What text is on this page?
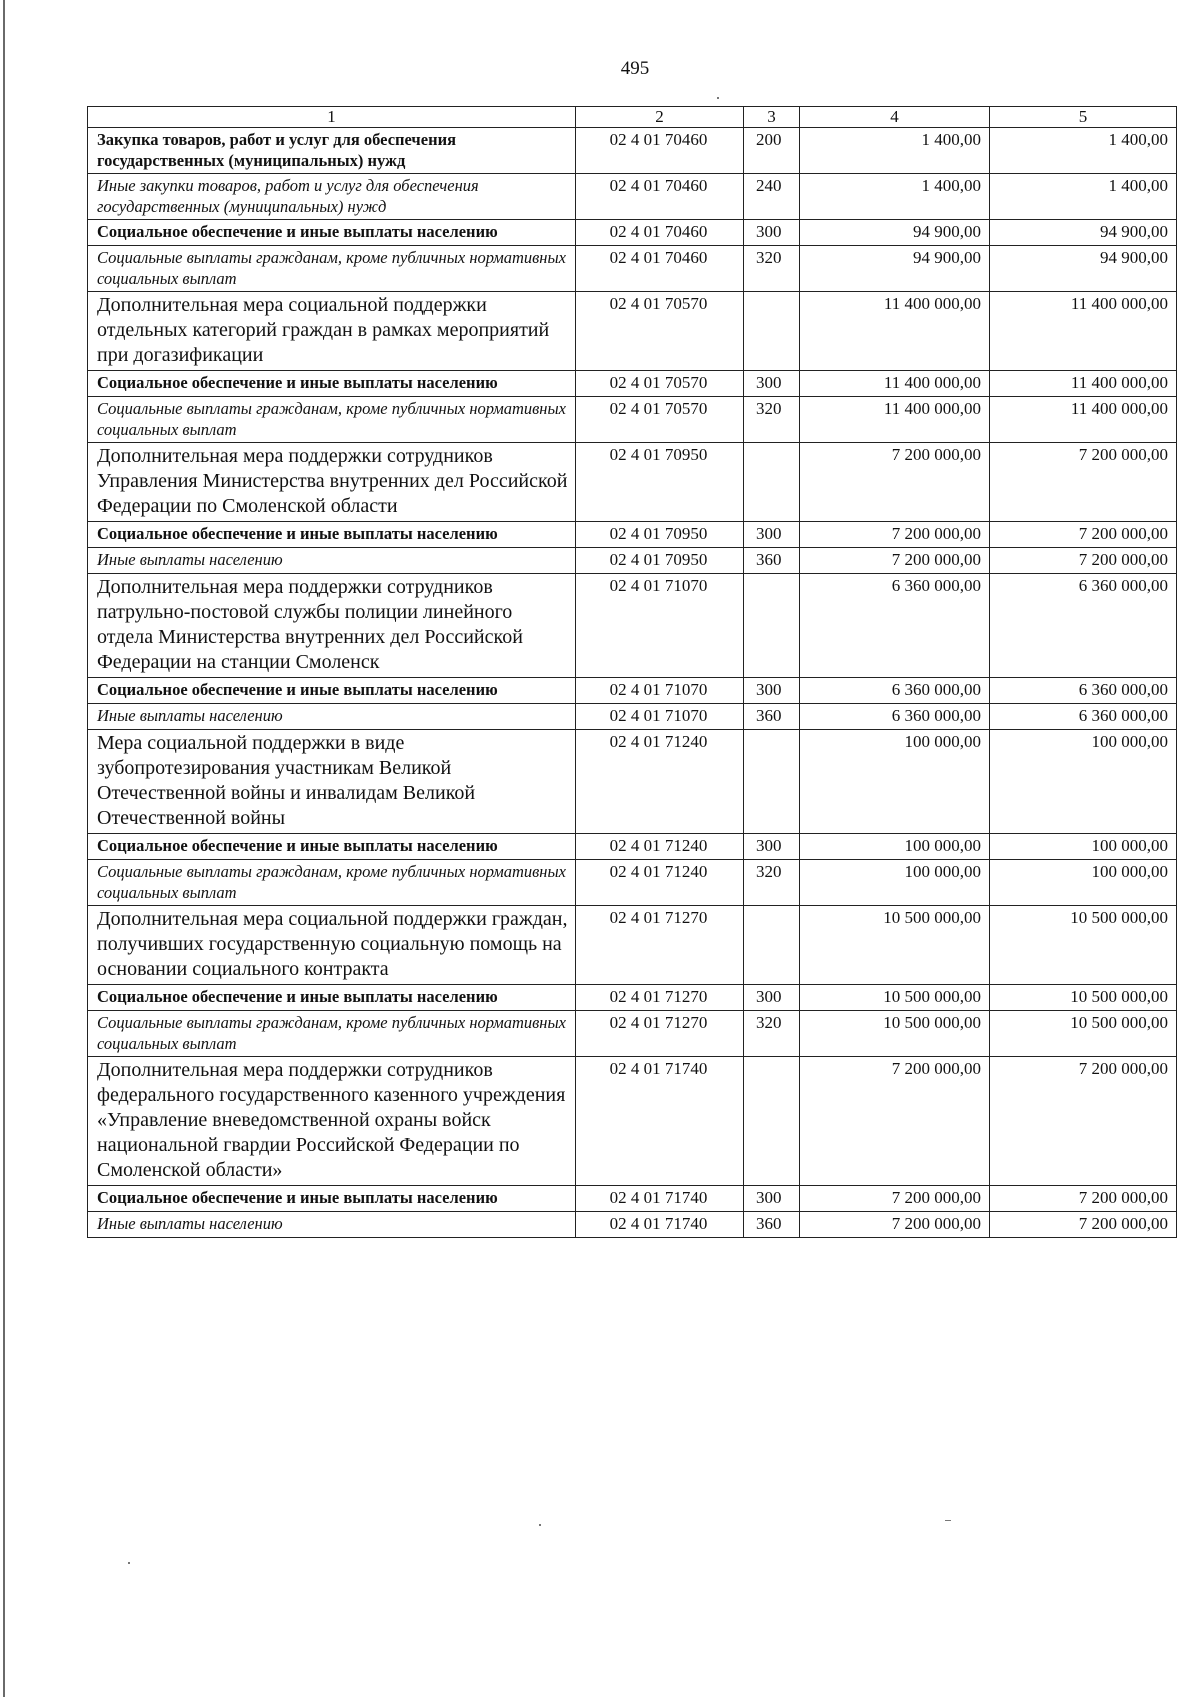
495
1	2	3	4	5
Закупка товаров, работ и услуг для обеспечения государственных (муниципальных) нужд	02 4 01 70460	200	1 400,00	1 400,00
Иные закупки товаров, работ и услуг для обеспечения государственных (муниципальных) нужд	02 4 01 70460	240	1 400,00	1 400,00
Социальное обеспечение и иные выплаты населению	02 4 01 70460	300	94 900,00	94 900,00
Социальные выплаты гражданам, кроме публичных нормативных социальных выплат	02 4 01 70460	320	94 900,00	94 900,00
Дополнительная мера социальной поддержки отдельных категорий граждан в рамках мероприятий при догазификации	02 4 01 70570		11 400 000,00	11 400 000,00
Социальное обеспечение и иные выплаты населению	02 4 01 70570	300	11 400 000,00	11 400 000,00
Социальные выплаты гражданам, кроме публичных нормативных социальных выплат	02 4 01 70570	320	11 400 000,00	11 400 000,00
Дополнительная мера поддержки сотрудников Управления Министерства внутренних дел Российской Федерации по Смоленской области	02 4 01 70950		7 200 000,00	7 200 000,00
Социальное обеспечение и иные выплаты населению	02 4 01 70950	300	7 200 000,00	7 200 000,00
Иные выплаты населению	02 4 01 70950	360	7 200 000,00	7 200 000,00
Дополнительная мера поддержки сотрудников патрульно-постовой службы полиции линейного отдела Министерства внутренних дел Российской Федерации на станции Смоленск	02 4 01 71070		6 360 000,00	6 360 000,00
Социальное обеспечение и иные выплаты населению	02 4 01 71070	300	6 360 000,00	6 360 000,00
Иные выплаты населению	02 4 01 71070	360	6 360 000,00	6 360 000,00
Мера социальной поддержки в виде зубопротезирования участникам Великой Отечественной войны и инвалидам Великой Отечественной войны	02 4 01 71240		100 000,00	100 000,00
Социальное обеспечение и иные выплаты населению	02 4 01 71240	300	100 000,00	100 000,00
Социальные выплаты гражданам, кроме публичных нормативных социальных выплат	02 4 01 71240	320	100 000,00	100 000,00
Дополнительная мера социальной поддержки граждан, получивших государственную социальную помощь на основании социального контракта	02 4 01 71270		10 500 000,00	10 500 000,00
Социальное обеспечение и иные выплаты населению	02 4 01 71270	300	10 500 000,00	10 500 000,00
Социальные выплаты гражданам, кроме публичных нормативных социальных выплат	02 4 01 71270	320	10 500 000,00	10 500 000,00
Дополнительная мера поддержки сотрудников федерального государственного казенного учреждения «Управление вневедомственной охраны войск национальной гвардии Российской Федерации по Смоленской области»	02 4 01 71740		7 200 000,00	7 200 000,00
Социальное обеспечение и иные выплаты населению	02 4 01 71740	300	7 200 000,00	7 200 000,00
Иные выплаты населению	02 4 01 71740	360	7 200 000,00	7 200 000,00
